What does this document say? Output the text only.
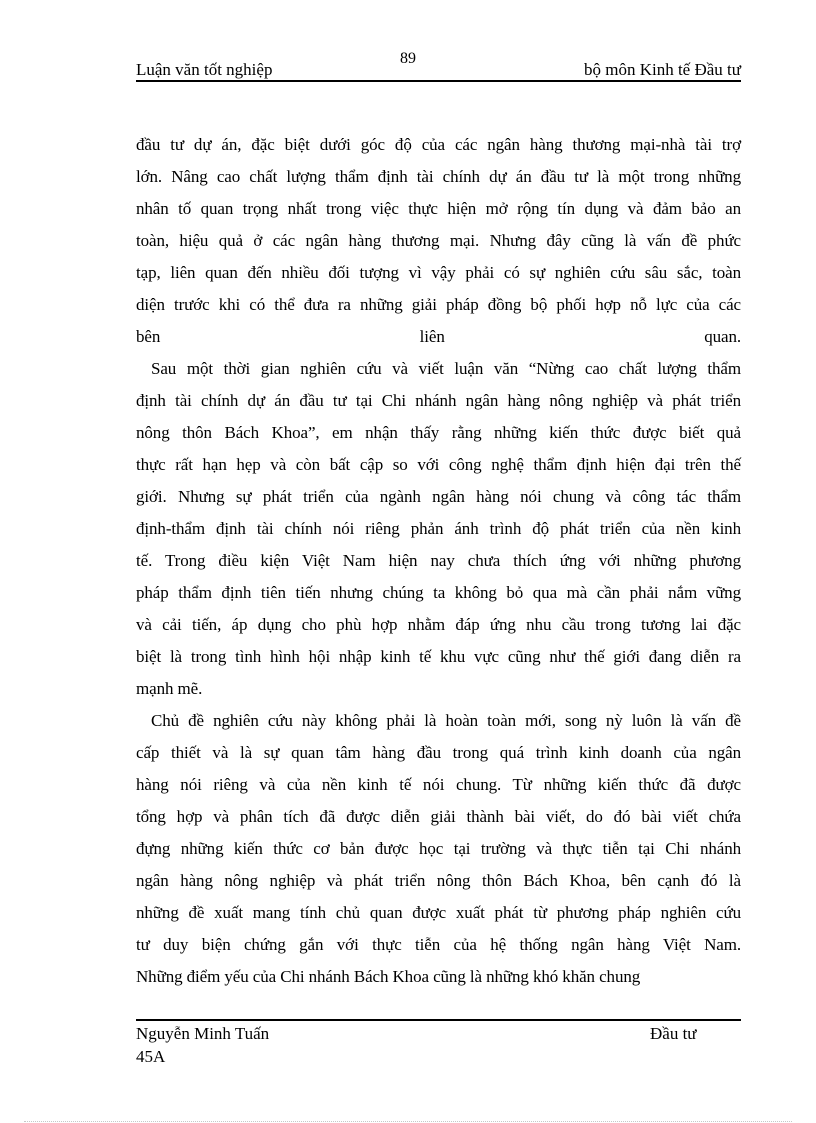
89
Luận văn tốt nghiệp	bộ môn Kinh tế Đầu tư
đầu tư dự án, đặc biệt dưới góc độ của các ngân hàng thương mại-nhà tài trợ
lớn. Nâng cao chất lượng thẩm định tài chính dự án đầu tư là một trong những
nhân tố quan trọng nhất trong việc thực hiện mở rộng tín dụng và đảm bảo an
toàn, hiệu quả ở các ngân hàng thương mại. Nhưng đây cũng là vấn đề phức
tạp, liên quan đến nhiều đối tượng vì vậy phải có sự nghiên cứu sâu sắc, toàn
diện trước khi có thể đưa ra những giải pháp đồng bộ phối hợp nỗ lực của các
bên liên quan.
Sau một thời gian nghiên cứu và viết luận văn “Nừng cao chất lượng thẩm
định tài chính dự án đầu tư tại Chi nhánh ngân hàng nông nghiệp và phát triển
nông thôn Bách Khoa”, em nhận thấy rằng những kiến thức được biết quả
thực rất hạn hẹp và còn bất cập so với công nghệ thẩm định hiện đại trên thế
giới. Nhưng sự phát triển của ngành ngân hàng nói chung và công tác thẩm
định-thẩm định tài chính nói riêng phản ánh trình độ phát triển của nền kinh
tế. Trong điều kiện Việt Nam hiện nay chưa thích ứng với những phương
pháp thẩm định tiên tiến nhưng chúng ta không bỏ qua mà cần phải nắm vững
và cải tiến, áp dụng cho phù hợp nhằm đáp ứng nhu cầu trong tương lai đặc
biệt là trong tình hình hội nhập kinh tế khu vực cũng như thế giới đang diễn ra
mạnh mẽ.
Chủ đề nghiên cứu này không phải là hoàn toàn mới, song nỳ luôn là vấn đề
cấp thiết và là sự quan tâm hàng đầu trong quá trình kinh doanh của ngân
hàng nói riêng và của nền kinh tế nói chung. Từ những kiến thức đã được
tổng hợp và phân tích đã được diễn giải thành bài viết, do đó bài viết chứa
đựng những kiến thức cơ bản được học tại trường và thực tiễn tại Chi nhánh
ngân hàng nông nghiệp và phát triển nông thôn Bách Khoa, bên cạnh đó là
những đề xuất mang tính chủ quan được xuất phát từ phương pháp nghiên cứu
tư duy biện chứng gắn với thực tiễn của hệ thống ngân hàng Việt Nam.
Những điểm yếu của Chi nhánh Bách Khoa cũng là những khó khăn chung
Nguyễn Minh Tuấn	Đầu tư
45A
